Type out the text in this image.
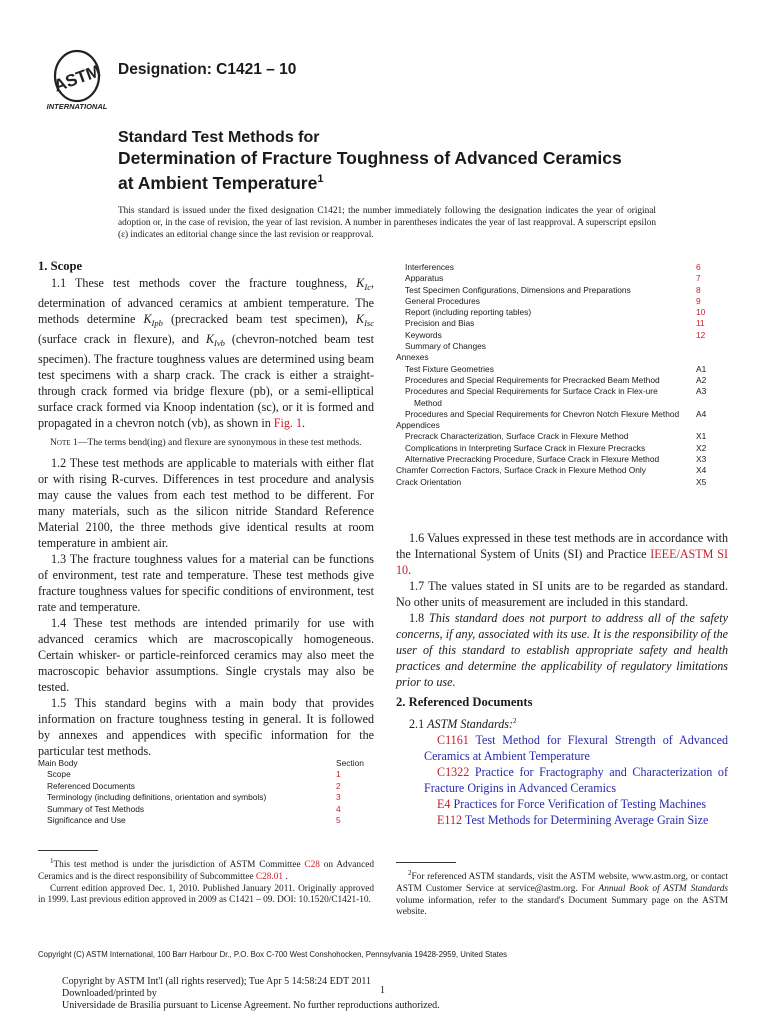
ASTM
INTERNATIONAL
Designation: C1421 – 10
Standard Test Methods for
Determination of Fracture Toughness of Advanced Ceramics
at Ambient Temperature$^1$
This standard is issued under the fixed designation C1421; the number immediately following the designation indicates the year of original adoption or, in the case of revision, the year of last revision. A number in parentheses indicates the year of last reapproval. A superscript epsilon (ε) indicates an editorial change since the last revision or reapproval.
1. Scope

1.1 These test methods cover the fracture toughness, $K_{Ic}$, determination of advanced ceramics at ambient temperature. The methods determine $K_{Ipb}$ (precracked beam test specimen), $K_{Isc}$ (surface crack in flexure), and $K_{Ivb}$ (chevron-notched beam test specimen). The fracture toughness values are determined using beam test specimens with a sharp crack. The crack is either a straight-through crack formed via bridge flexure (pb), or a semi-elliptical surface crack formed via Knoop indentation (sc), or it is formed and propagated in a chevron notch (vb), as shown in Fig. 1.

Note 1—The terms bend(ing) and flexure are synonymous in these test methods.

1.2 These test methods are applicable to materials with either flat or with rising R-curves. Differences in test procedure and analysis may cause the values from each test method to be different. For many materials, such as the silicon nitride Standard Reference Material 2100, the three methods give identical results at room temperature in ambient air.

1.3 The fracture toughness values for a material can be functions of environment, test rate and temperature. These test methods give fracture toughness values for specific conditions of environment, test rate and temperature.

1.4 These test methods are intended primarily for use with advanced ceramics which are macroscopically homogeneous. Certain whisker- or particle-reinforced ceramics may also meet the macroscopic behavior assumptions. Single crystals may also be tested.

1.5 This standard begins with a main body that provides information on fracture toughness testing in general. It is followed by annexes and appendices with specific information for the particular test methods.

Main Body	Section
Scope	1
Referenced Documents	2
Terminology (including definitions, orientation and symbols)	3
Summary of Test Methods	4
Significance and Use	5
Interferences	6
Apparatus	7
Test Specimen Configurations, Dimensions and Preparations	8
General Procedures	9
Report (including reporting tables)	10
Precision and Bias	11
Keywords	12
Summary of Changes
Annexes
Test Fixture Geometries	A1
Procedures and Special Requirements for Precracked Beam Method	A2
Procedures and Special Requirements for Surface Crack in Flex-ure Method
A3
Procedures and Special Requirements for Chevron Notch Flexure Method	A4
Appendices
Precrack Characterization, Surface Crack in Flexure Method	X1
Complications in Interpreting Surface Crack in Flexure Precracks	X2
Alternative Precracking Procedure, Surface Crack in Flexure Method	X3
Chamfer Correction Factors, Surface Crack in Flexure Method Only	X4
Crack Orientation	X5

1.6 Values expressed in these test methods are in accordance with the International System of Units (SI) and Practice IEEE/ASTM SI 10.

1.7 The values stated in SI units are to be regarded as standard. No other units of measurement are included in this standard.

1.8 This standard does not purport to address all of the safety concerns, if any, associated with its use. It is the responsibility of the user of this standard to establish appropriate safety and health practices and determine the applicability of regulatory limitations prior to use.

2. Referenced Documents

2.1 ASTM Standards:$^2$

C1161 Test Method for Flexural Strength of Advanced Ceramics at Ambient Temperature

C1322 Practice for Fractography and Characterization of Fracture Origins in Advanced Ceramics

E4 Practices for Force Verification of Testing Machines

E112 Test Methods for Determining Average Grain Size

$^1$This test method is under the jurisdiction of ASTM Committee C28 on Advanced Ceramics and is the direct responsibility of Subcommittee C28.01 .

Current edition approved Dec. 1, 2010. Published January 2011. Originally approved in 1999. Last previous edition approved in 2009 as C1421 – 09. DOI: 10.1520/C1421-10.

$^2$For referenced ASTM standards, visit the ASTM website, www.astm.org, or contact ASTM Customer Service at service@astm.org. For Annual Book of ASTM Standards volume information, refer to the standard's Document Summary page on the ASTM website.

Copyright (C) ASTM International, 100 Barr Harbour Dr., P.O. Box C-700 West Conshohocken, Pennsylvania 19428-2959, United States
Copyright by ASTM Int'l (all rights reserved); Tue Apr 5 14:58:24 EDT 2011
Downloaded/printed by
Universidade de Brasilia pursuant to License Agreement. No further reproductions authorized.
1
